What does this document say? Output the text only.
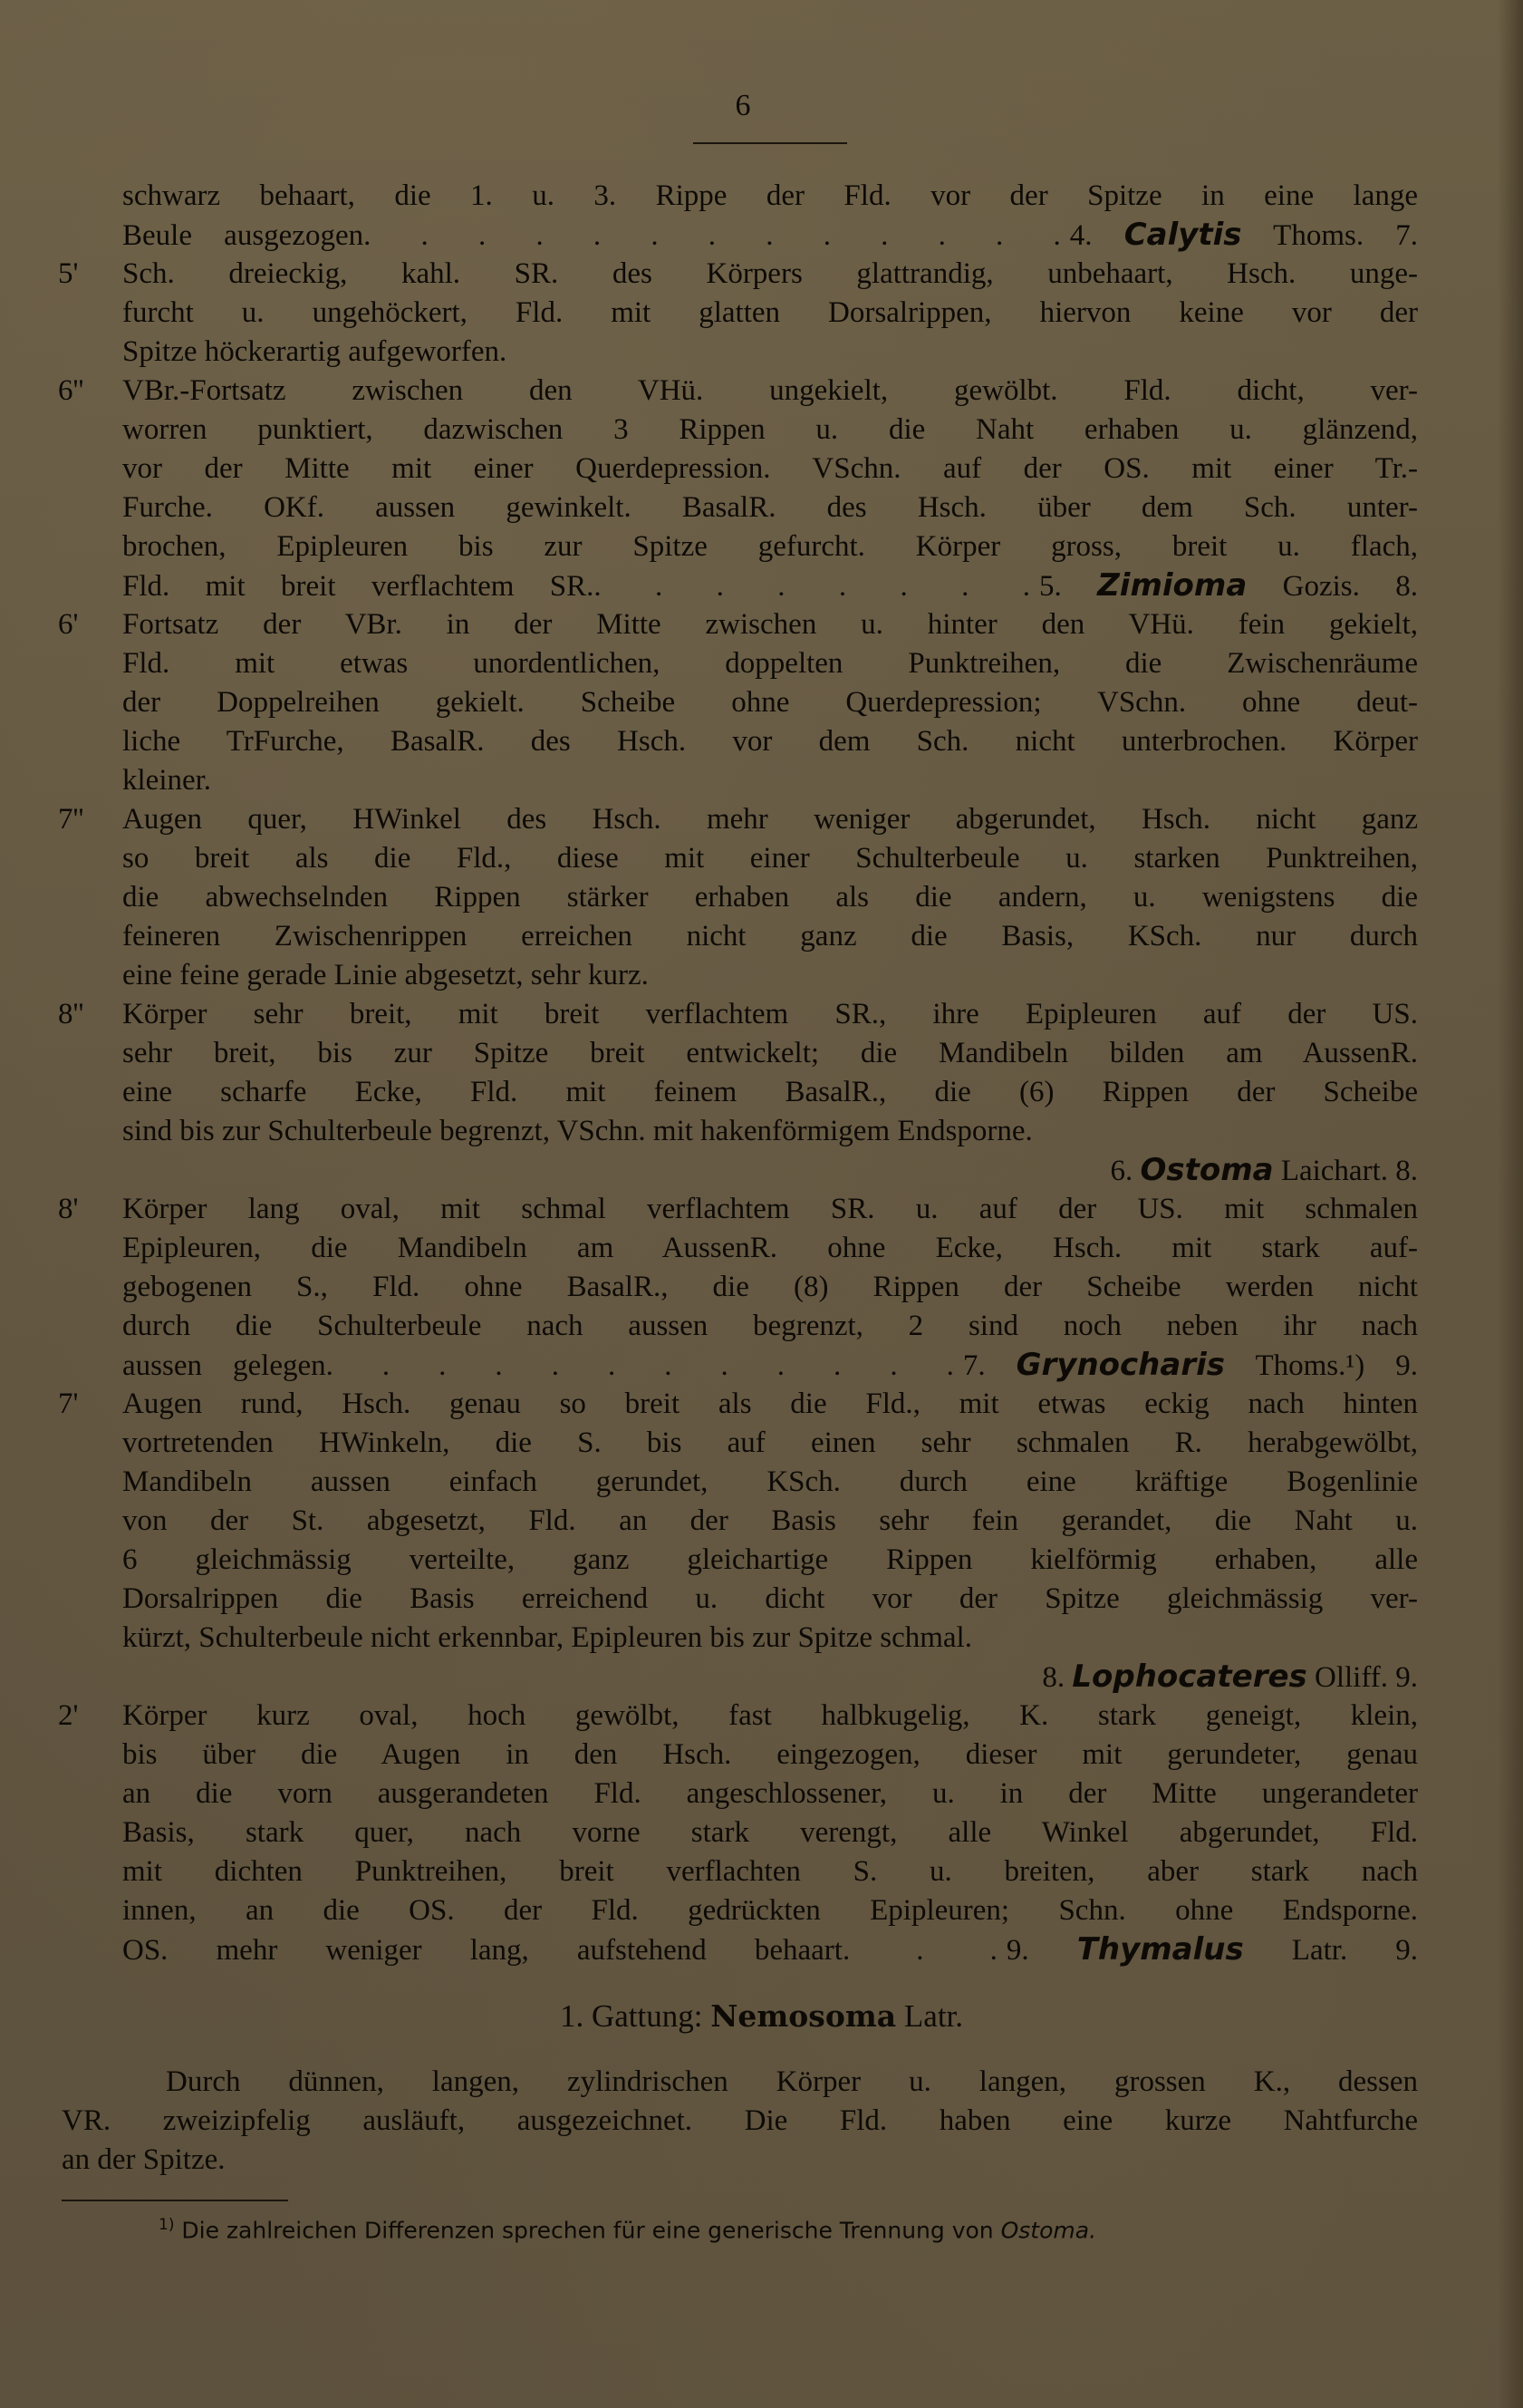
6
schwarz behaart, die 1. u. 3. Rippe der Fld. vor der Spitze in eine lange
Beule ausgezogen. . . . . . . . . . . . .4. Calytis Thoms. 7.
5' Sch. dreieckig, kahl. SR. des Körpers glattrandig, unbehaart, Hsch. unge-
furcht u. ungehöckert, Fld. mit glatten Dorsalrippen, hiervon keine vor der
Spitze höckerartig aufgeworfen.
6'' VBr.-Fortsatz zwischen den VHü. ungekielt, gewölbt. Fld. dicht, ver-
worren punktiert, dazwischen 3 Rippen u. die Naht erhaben u. glänzend,
vor der Mitte mit einer Querdepression. VSchn. auf der OS. mit einer Tr.-
Furche. OKf. aussen gewinkelt. BasalR. des Hsch. über dem Sch. unter-
brochen, Epipleuren bis zur Spitze gefurcht. Körper gross, breit u. flach,
Fld. mit breit verflachtem SR.. . . . . . . .5. Zimioma Gozis. 8.
6' Fortsatz der VBr. in der Mitte zwischen u. hinter den VHü. fein gekielt,
Fld. mit etwas unordentlichen, doppelten Punktreihen, die Zwischenräume
der Doppelreihen gekielt. Scheibe ohne Querdepression; VSchn. ohne deut-
liche TrFurche, BasalR. des Hsch. vor dem Sch. nicht unterbrochen. Körper
kleiner.
7'' Augen quer, HWinkel des Hsch. mehr weniger abgerundet, Hsch. nicht ganz
so breit als die Fld., diese mit einer Schulterbeule u. starken Punktreihen,
die abwechselnden Rippen stärker erhaben als die andern, u. wenigstens die
feineren Zwischenrippen erreichen nicht ganz die Basis, KSch. nur durch
eine feine gerade Linie abgesetzt, sehr kurz.
8'' Körper sehr breit, mit breit verflachtem SR., ihre Epipleuren auf der US.
sehr breit, bis zur Spitze breit entwickelt; die Mandibeln bilden am AussenR.
eine scharfe Ecke, Fld. mit feinem BasalR., die (6) Rippen der Scheibe
sind bis zur Schulterbeule begrenzt, VSchn. mit hakenförmigem Endsporne.
6. Ostoma Laichart. 8.
8' Körper lang oval, mit schmal verflachtem SR. u. auf der US. mit schmalen
Epipleuren, die Mandibeln am AussenR. ohne Ecke, Hsch. mit stark auf-
gebogenen S., Fld. ohne BasalR., die (8) Rippen der Scheibe werden nicht
durch die Schulterbeule nach aussen begrenzt, 2 sind noch neben ihr nach
aussen gelegen. . . . . . . . . . . .7. Grynocharis Thoms.¹) 9.
7' Augen rund, Hsch. genau so breit als die Fld., mit etwas eckig nach hinten
vortretenden HWinkeln, die S. bis auf einen sehr schmalen R. herabgewölbt,
Mandibeln aussen einfach gerundet, KSch. durch eine kräftige Bogenlinie
von der St. abgesetzt, Fld. an der Basis sehr fein gerandet, die Naht u.
6 gleichmässig verteilte, ganz gleichartige Rippen kielförmig erhaben, alle
Dorsalrippen die Basis erreichend u. dicht vor der Spitze gleichmässig ver-
kürzt, Schulterbeule nicht erkennbar, Epipleuren bis zur Spitze schmal.
8. Lophocateres Olliff. 9.
2' Körper kurz oval, hoch gewölbt, fast halbkugelig, K. stark geneigt, klein,
bis über die Augen in den Hsch. eingezogen, dieser mit gerundeter, genau
an die vorn ausgerandeten Fld. angeschlossener, u. in der Mitte ungerandeter
Basis, stark quer, nach vorne stark verengt, alle Winkel abgerundet, Fld.
mit dichten Punktreihen, breit verflachten S. u. breiten, aber stark nach
innen, an die OS. der Fld. gedrückten Epipleuren; Schn. ohne Endsporne.
OS. mehr weniger lang, aufstehend behaart. . .9. Thymalus Latr. 9.
1. Gattung: Nemosoma Latr.
Durch dünnen, langen, zylindrischen Körper u. langen, grossen K., dessen
VR. zweizipfelig ausläuft, ausgezeichnet. Die Fld. haben eine kurze Nahtfurche
an der Spitze.
$^{1)}$ Die zahlreichen Differenzen sprechen für eine generische Trennung von Ostoma.
